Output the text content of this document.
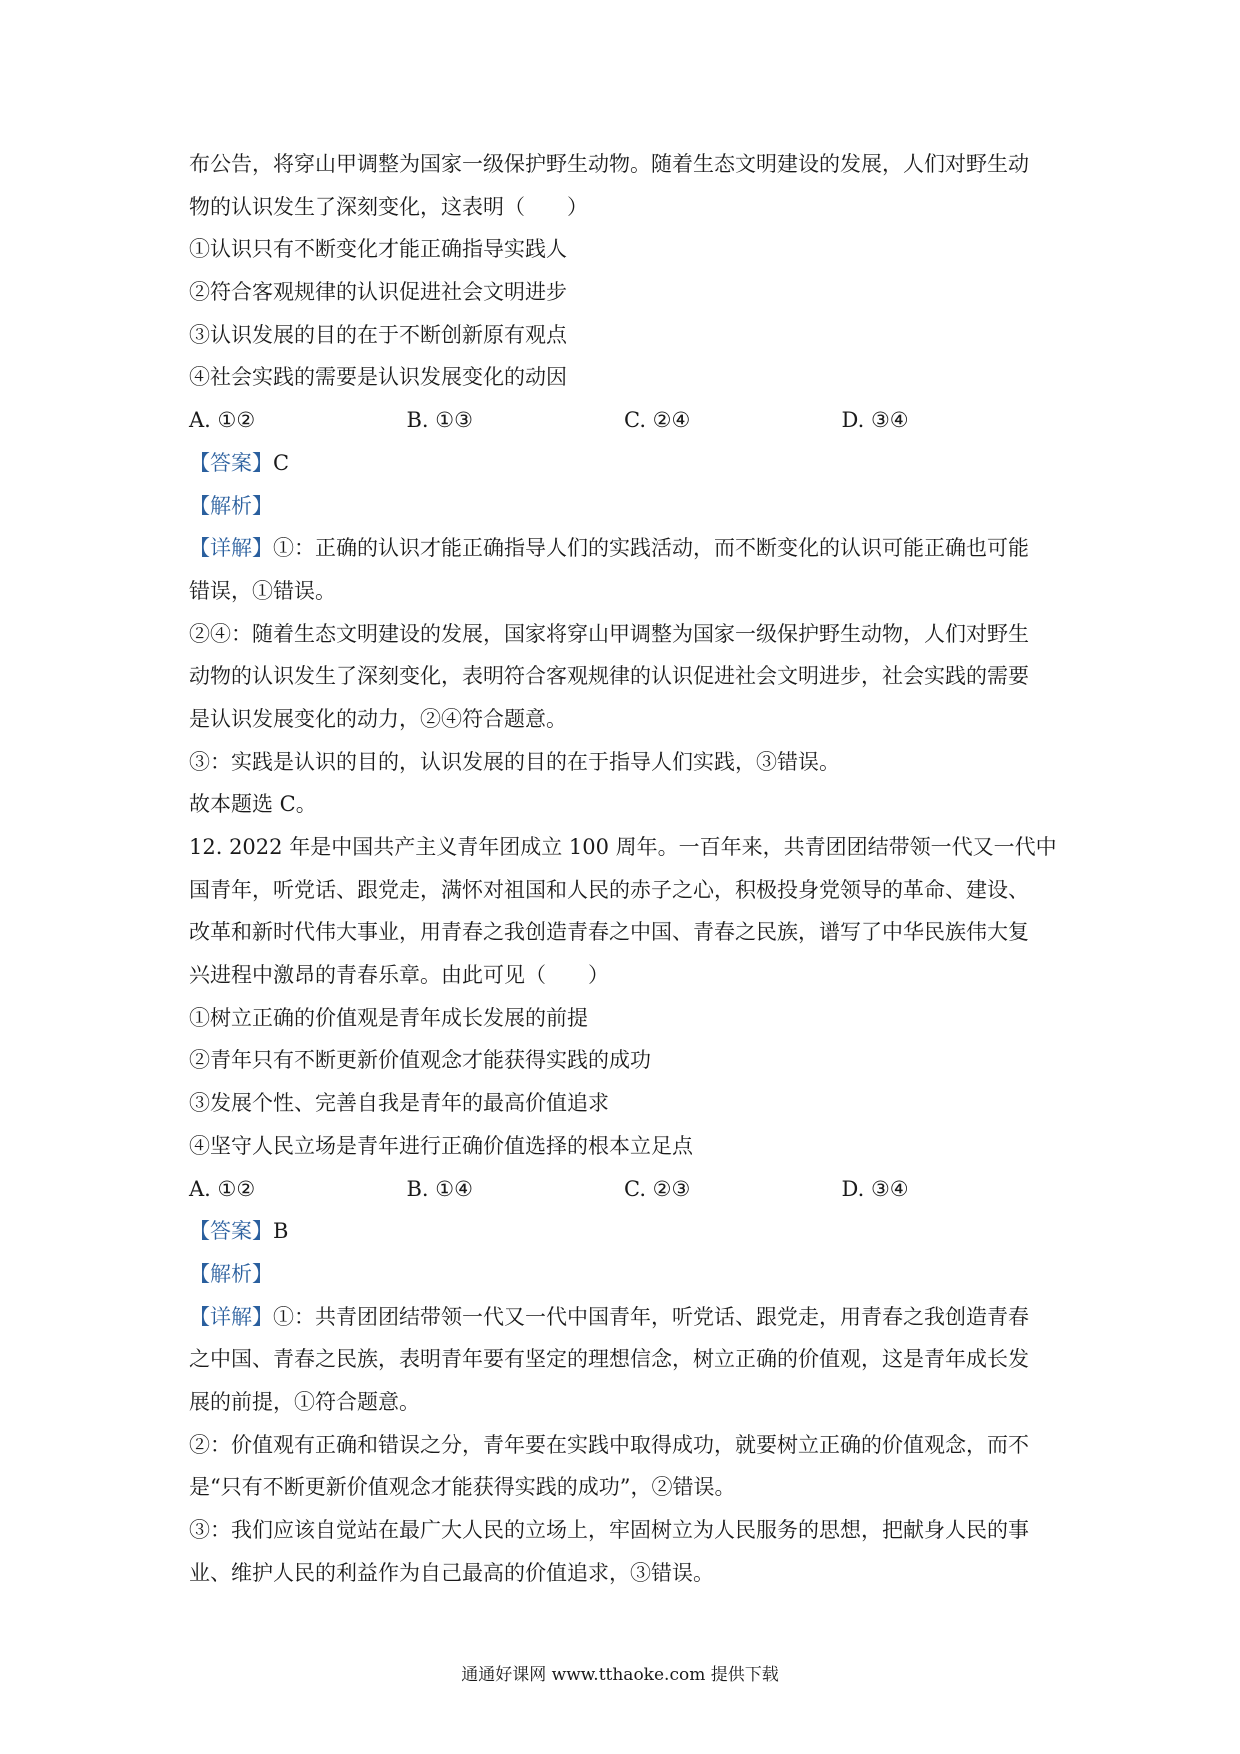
布公告，将穿山甲调整为国家一级保护野生动物。随着生态文明建设的发展，人们对野生动
物的认识发生了深刻变化，这表明（　　）
①认识只有不断变化才能正确指导实践人
②符合客观规律的认识促进社会文明进步
③认识发展的目的在于不断创新原有观点
④社会实践的需要是认识发展变化的动因
A. ①②	B. ①③	C. ②④	D. ③④
【答案】C
【解析】
【详解】①：正确的认识才能正确指导人们的实践活动，而不断变化的认识可能正确也可能
错误，①错误。
②④：随着生态文明建设的发展，国家将穿山甲调整为国家一级保护野生动物，人们对野生
动物的认识发生了深刻变化，表明符合客观规律的认识促进社会文明进步，社会实践的需要
是认识发展变化的动力，②④符合题意。
③：实践是认识的目的，认识发展的目的在于指导人们实践，③错误。
故本题选 C。
12. 2022 年是中国共产主义青年团成立 100 周年。一百年来，共青团团结带领一代又一代中
国青年，听党话、跟党走，满怀对祖国和人民的赤子之心，积极投身党领导的革命、建设、
改革和新时代伟大事业，用青春之我创造青春之中国、青春之民族，谱写了中华民族伟大复
兴进程中激昂的青春乐章。由此可见（　　）
①树立正确的价值观是青年成长发展的前提
②青年只有不断更新价值观念才能获得实践的成功
③发展个性、完善自我是青年的最高价值追求
④坚守人民立场是青年进行正确价值选择的根本立足点
A. ①②	B. ①④	C. ②③	D. ③④
【答案】B
【解析】
【详解】①：共青团团结带领一代又一代中国青年，听党话、跟党走，用青春之我创造青春
之中国、青春之民族，表明青年要有坚定的理想信念，树立正确的价值观，这是青年成长发
展的前提，①符合题意。
②：价值观有正确和错误之分，青年要在实践中取得成功，就要树立正确的价值观念，而不
是“只有不断更新价值观念才能获得实践的成功”，②错误。
③：我们应该自觉站在最广大人民的立场上，牢固树立为人民服务的思想，把献身人民的事
业、维护人民的利益作为自己最高的价值追求，③错误。
通通好课网 www.tthaoke.com 提供下载
